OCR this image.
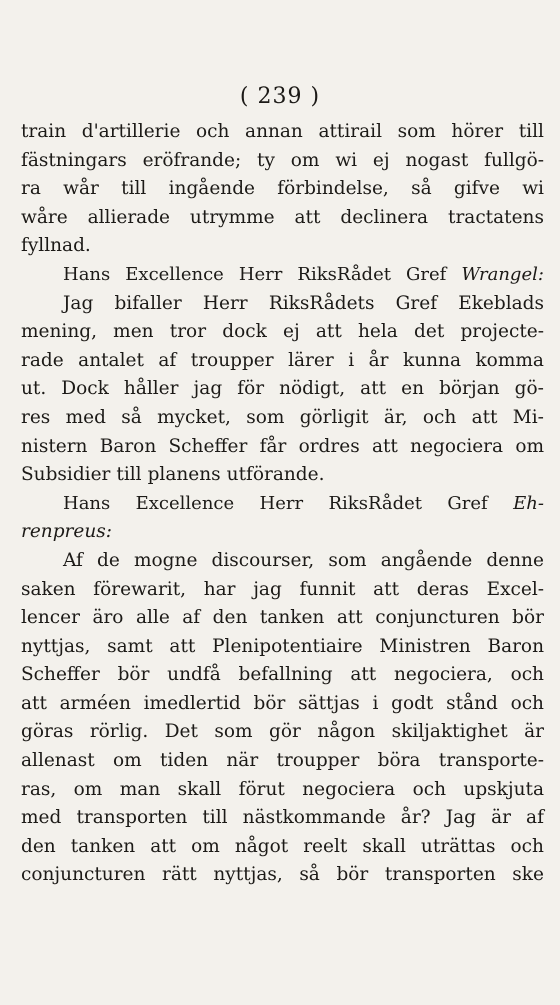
( 239 )
train d'artillerie och annan attirail som hörer till
fästningars eröfrande; ty om wi ej nogast fullgö-
ra wår till ingående förbindelse, så gifve wi
wåre allierade utrymme att declinera tractatens
fyllnad.
Hans Excellence Herr RiksRådet Gref Wrangel:
Jag bifaller Herr RiksRådets Gref Ekeblads
mening, men tror dock ej att hela det projecte-
rade antalet af troupper lärer i år kunna komma
ut. Dock håller jag för nödigt, att en början gö-
res med så mycket, som görligit är, och att Mi-
nistern Baron Scheffer får ordres att negociera om
Subsidier till planens utförande.
Hans Excellence Herr RiksRådet Gref Eh-
renpreus:
Af de mogne discourser, som angående denne
saken förewarit, har jag funnit att deras Excel-
lencer äro alle af den tanken att conjuncturen bör
nyttjas, samt att Plenipotentiaire Ministren Baron
Scheffer bör undfå befallning att negociera, och
att arméen imedlertid bör sättjas i godt stånd och
göras rörlig. Det som gör någon skiljaktighet är
allenast om tiden när troupper böra transporte-
ras, om man skall förut negociera och upskjuta
med transporten till nästkommande år? Jag är af
den tanken att om något reelt skall uträttas och
conjuncturen rätt nyttjas, så bör transporten ske
